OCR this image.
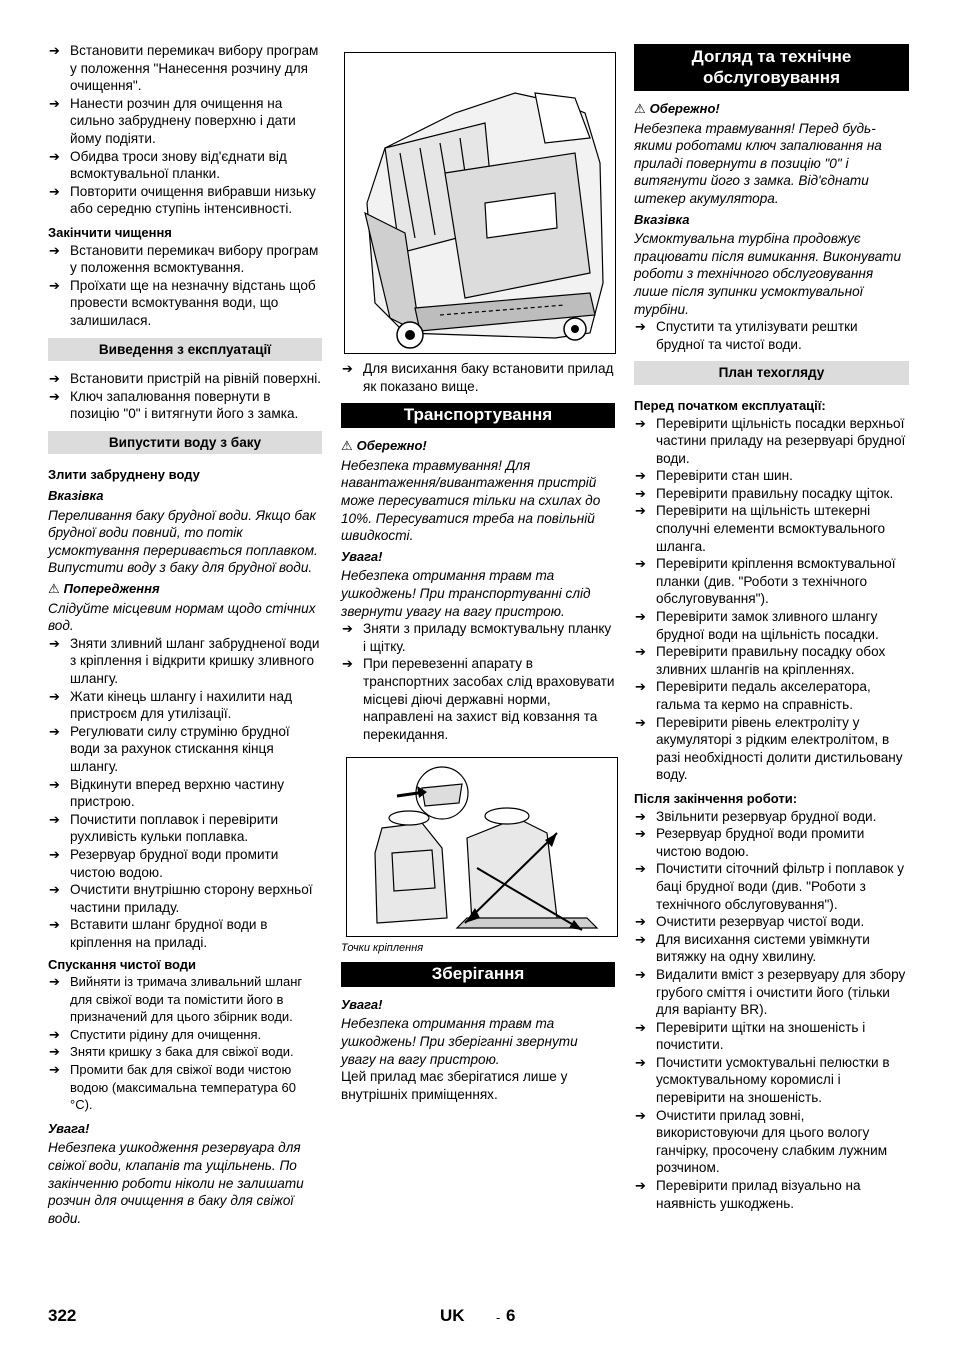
➔ Встановити перемикач вибору програм у положення "Нанесення розчину для очищення".
➔ Нанести розчин для очищення на сильно забруднену поверхню і дати йому подіяти.
➔ Обидва троси знову від'єднати від всмоктувальної планки.
➔ Повторити очищення вибравши низьку або середню ступінь інтенсивності.
Закінчити чищення
➔ Встановити перемикач вибору програм у положення всмоктування.
➔ Проїхати ще на незначну відстань щоб провести всмоктування води, що залишилася.
Виведення з експлуатації
➔ Встановити пристрій на рівній поверхні.
➔ Ключ запалювання повернути в позицію "0" і витягнути його з замка.
Випустити воду з баку
Злити забруднену воду
Вказівка
Переливання баку брудної води. Якщо бак брудної води повний, то потік усмоктування переривається поплавком. Випустити воду з баку для брудної води.
⚠ Попередження
Слідуйте місцевим нормам щодо стічних вод.
➔ Зняти зливний шланг забрудненої води з кріплення і відкрити кришку зливного шлангу.
➔ Жати кінець шлангу і нахилити над пристроєм для утилізації.
➔ Регулювати силу струміню брудної води за рахунок стискання кінця шлангу.
➔ Відкинути вперед верхню частину пристрою.
➔ Почистити поплавок і перевірити рухливість кульки поплавка.
➔ Резервуар брудної води промити чистою водою.
➔ Очистити внутрішню сторону верхньої частини приладу.
➔ Вставити шланг брудної води в кріплення на приладі.
Спускання чистої води
➔ Вийняти із тримача зливальний шланг для свіжої води та помістити його в призначений для цього збірник води.
➔ Спустити рідину для очищення.
➔ Зняти кришку з бака для свіжої води.
➔ Промити бак для свіжої води чистою водою (максимальна температура 60 °C).
Увага!
Небезпека ушкодження резервуара для свіжої води, клапанів та ущільнень. По закінченню роботи ніколи не залишати розчин для очищення в баку для свіжої води.
➔ Для висихання баку встановити прилад як показано вище.
Транспортування
⚠ Обережно!
Небезпека травмування! Для навантаження/вивантаження пристрій може пересуватися тільки на схилах до 10%. Пересуватися треба на повільній швидкості.
Увага!
Небезпека отримання травм та ушкоджень! При транспортуванні слід звернути увагу на вагу пристрою.
➔ Зняти з приладу всмоктувальну планку і щітку.
➔ При перевезенні апарату в транспортних засобах слід враховувати місцеві діючі державні норми, направлені на захист від ковзання та перекидання.
Точки кріплення
Зберігання
Увага!
Небезпека отримання травм та ушкоджень! При зберіганні звернути увагу на вагу пристрою.
Цей прилад має зберігатися лише у внутрішніх приміщеннях.
Догляд та технічне обслуговування
⚠ Обережно!
Небезпека травмування! Перед будь-якими роботами ключ запалювання на приладі повернути в позицію "0" і витягнути його з замка. Від'єднати штекер акумулятора.
Вказівка
Усмоктувальна турбіна продовжує працювати після вимикання. Виконувати роботи з технічного обслуговування лише після зупинки усмоктувальної турбіни.
➔ Спустити та утилізувати рештки брудної та чистої води.
План техогляду
Перед початком експлуатації:
➔ Перевірити щільність посадки верхньої частини приладу на резервуарі брудної води.
➔ Перевірити стан шин.
➔ Перевірити правильну посадку щіток.
➔ Перевірити на щільність штекерні сполучні елементи всмоктувального шланга.
➔ Перевірити кріплення всмоктувальної планки (див. "Роботи з технічного обслуговування").
➔ Перевірити замок зливного шлангу брудної води на щільність посадки.
➔ Перевірити правильну посадку обох зливних шлангів на кріпленнях.
➔ Перевірити педаль акселератора, гальма та кермо на справність.
➔ Перевірити рівень електроліту у акумуляторі з рідким електролітом, в разі необхідності долити дистильовану воду.
Після закінчення роботи:
➔ Звільнити резервуар брудної води.
➔ Резервуар брудної води промити чистою водою.
➔ Почистити сіточний фільтр і поплавок у баці брудної води (див. "Роботи з технічного обслуговування").
➔ Очистити резервуар чистої води.
➔ Для висихання системи увімкнути витяжку на одну хвилину.
➔ Видалити вміст з резервуару для збору грубого сміття і очистити його (тільки для варіанту BR).
➔ Перевірити щітки на зношеність і почистити.
➔ Почистити усмоктувальні пелюстки в усмоктувальному коромислі і перевірити на зношеність.
➔ Очистити прилад зовні, використовуючи для цього вологу ганчірку, просочену слабким лужним розчином.
➔ Перевірити прилад візуально на наявність ушкоджень.
322	UK - 6
